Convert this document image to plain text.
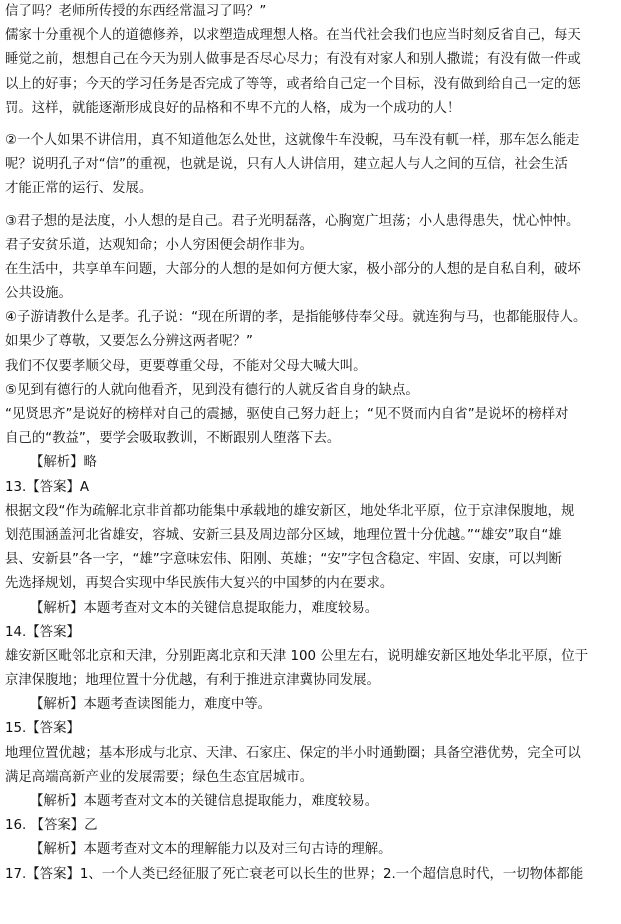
信了吗？老师所传授的东西经常温习了吗？”
儒家十分重视个人的道德修养，以求塑造成理想人格。在当代社会我们也应当时刻反省自己，每天
睡觉之前，想想自己在今天为别人做事是否尽心尽力；有没有对家人和别人撒谎；有没有做一件或
以上的好事；今天的学习任务是否完成了等等，或者给自己定一个目标，没有做到给自己一定的惩
罚。这样，就能逐渐形成良好的品格和不卑不亢的人格，成为一个成功的人！
②一个人如果不讲信用，真不知道他怎么处世，这就像牛车没輗，马车没有軏一样，那车怎么能走
呢？说明孔子对“信”的重视，也就是说，只有人人讲信用，建立起人与人之间的互信，社会生活
才能正常的运行、发展。
③君子想的是法度，小人想的是自己。君子光明磊落，心胸宽广坦荡；小人患得患失，忧心忡忡。
君子安贫乐道，达观知命；小人穷困便会胡作非为。
在生活中，共享单车问题，大部分的人想的是如何方便大家，极小部分的人想的是自私自利，破坏
公共设施。
④子游请教什么是孝。孔子说：“现在所谓的孝，是指能够侍奉父母。就连狗与马，也都能服侍人。
如果少了尊敬，又要怎么分辨这两者呢？”
我们不仅要孝顺父母，更要尊重父母，不能对父母大喊大叫。
⑤见到有德行的人就向他看齐，见到没有德行的人就反省自身的缺点。
“见贤思齐”是说好的榜样对自己的震撼，驱使自己努力赶上；“见不贤而内自省”是说坏的榜样对
自己的“教益”，要学会吸取教训，不断跟别人堕落下去。
【解析】略
13.【答案】A
根据文段“作为疏解北京非首都功能集中承载地的雄安新区，地处华北平原，位于京津保腹地，规
划范围涵盖河北省雄安，容城、安新三县及周边部分区域，地理位置十分优越。”“雄安”取自“雄
县、安新县”各一字，“雄”字意味宏伟、阳刚、英雄；“安”字包含稳定、牢固、安康，可以判断
先选择规划，再契合实现中华民族伟大复兴的中国梦的内在要求。
【解析】本题考查对文本的关键信息提取能力，难度较易。
14.【答案】
雄安新区毗邻北京和天津，分别距离北京和天津 100 公里左右，说明雄安新区地处华北平原，位于
京津保腹地；地理位置十分优越，有利于推进京津冀协同发展。
【解析】本题考查读图能力，难度中等。
15.【答案】
地理位置优越；基本形成与北京、天津、石家庄、保定的半小时通勤圈；具备空港优势，完全可以
满足高端高新产业的发展需要；绿色生态宜居城市。
【解析】本题考查对文本的关键信息提取能力，难度较易。
16. 【答案】乙
【解析】本题考查对文本的理解能力以及对三句古诗的理解。
17.【答案】1、一个人类已经征服了死亡衰老可以长生的世界；2.一个超信息时代，一切物体都能
